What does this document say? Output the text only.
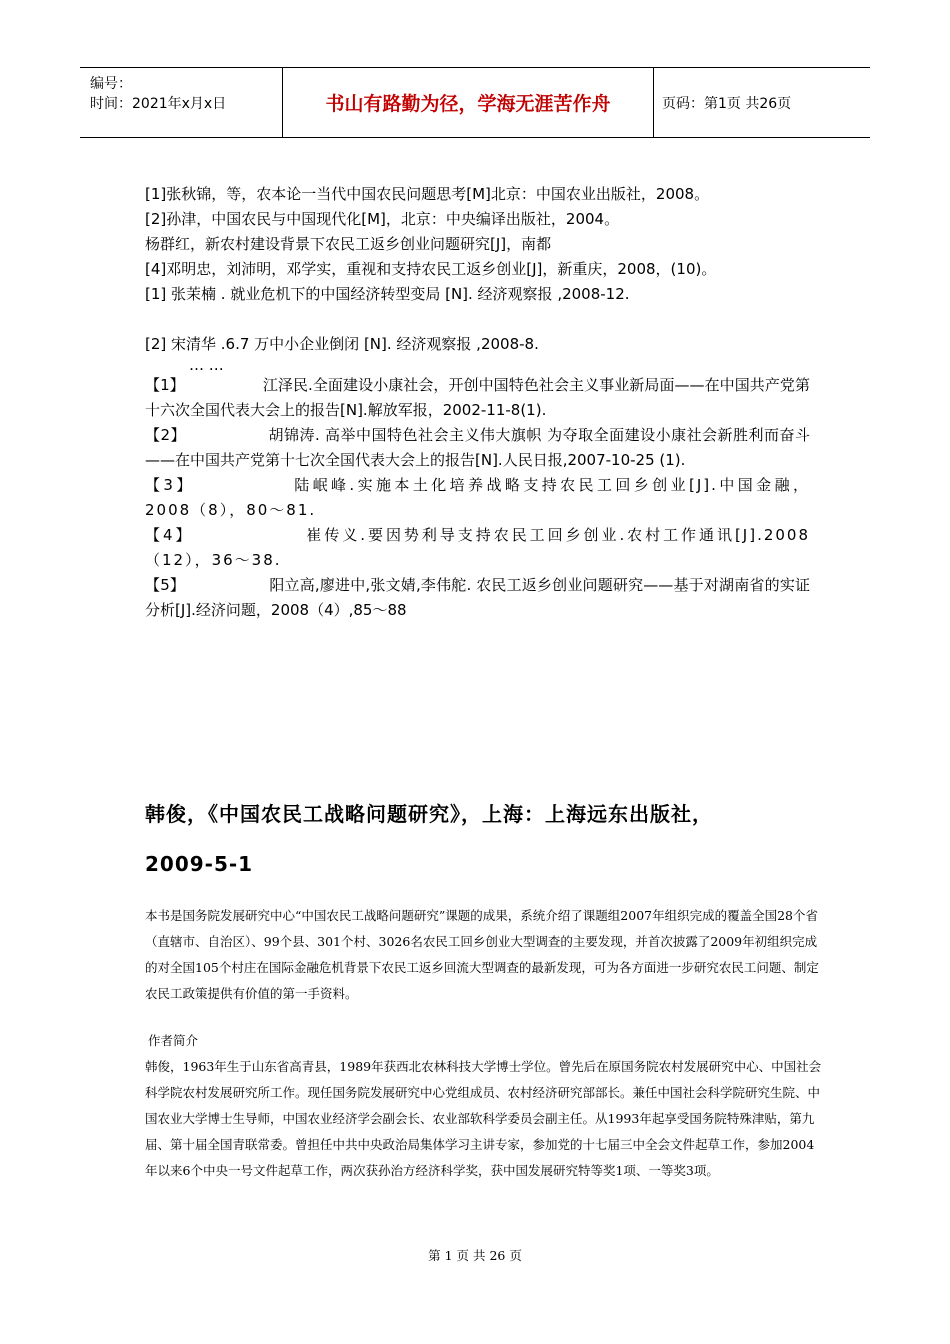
编号：
时间：2021年x月x日	书山有路勤为径，学海无涯苦作舟	页码：第1页 共26页

[1]张秋锦，等，农本论一当代中国农民问题思考[M]北京：中国农业出版社，2008。

[2]孙津，中国农民与中国现代化[M]，北京：中央编译出版社，2004。

杨群红，新农村建设背景下农民工返乡创业问题研究[J]，南都

[4]邓明忠，刘沛明，邓学实，重视和支持农民工返乡创业[J]，新重庆，2008，(10)。

[1] 张茉楠 . 就业危机下的中国经济转型变局 [N]. 经济观察报 ,2008-12.

[2] 宋清华 .6.7 万中小企业倒闭 [N]. 经济观察报 ,2008-8.

… …

【1】	江泽民.全面建设小康社会，开创中国特色社会主义事业新局面——在中国共产党第十六次全国代表大会上的报告[N].解放军报，2002-11-8(1).

【2】	胡锦涛. 高举中国特色社会主义伟大旗帜 为夺取全面建设小康社会新胜利而奋斗——在中国共产党第十七次全国代表大会上的报告[N].人民日报,2007-10-25 (1).

【3】	陆岷峰.实施本土化培养战略支持农民工回乡创业[J].中国金融，2008（8），80～81.

【4】	崔传义.要因势利导支持农民工回乡创业.农村工作通讯[J].2008（12），36～38.

【5】	阳立高,廖进中,张文婧,李伟舵. 农民工返乡创业问题研究——基于对湖南省的实证分析[J].经济问题，2008（4）,85～88

韩俊，《中国农民工战略问题研究》，上海：上海远东出版社，
2009-5-1

本书是国务院发展研究中心“中国农民工战略问题研究”课题的成果，系统介绍了课题组2007年组织完成的覆盖全国28个省（直辖市、自治区）、99个县、301个村、3026名农民工回乡创业大型调查的主要发现，并首次披露了2009年初组织完成的对全国105个村庄在国际金融危机背景下农民工返乡回流大型调查的最新发现，可为各方面进一步研究农民工问题、制定农民工政策提供有价值的第一手资料。

作者简介

韩俊，1963年生于山东省高青县，1989年获西北农林科技大学博士学位。曾先后在原国务院农村发展研究中心、中国社会科学院农村发展研究所工作。现任国务院发展研究中心党组成员、农村经济研究部部长。兼任中国社会科学院研究生院、中国农业大学博士生导师，中国农业经济学会副会长、农业部软科学委员会副主任。从1993年起享受国务院特殊津贴，第九届、第十届全国青联常委。曾担任中共中央政治局集体学习主讲专家，参加党的十七届三中全会文件起草工作，参加2004年以来6个中央一号文件起草工作，两次获孙治方经济科学奖，获中国发展研究特等奖1项、一等奖3项。

第 1 页 共 26 页
